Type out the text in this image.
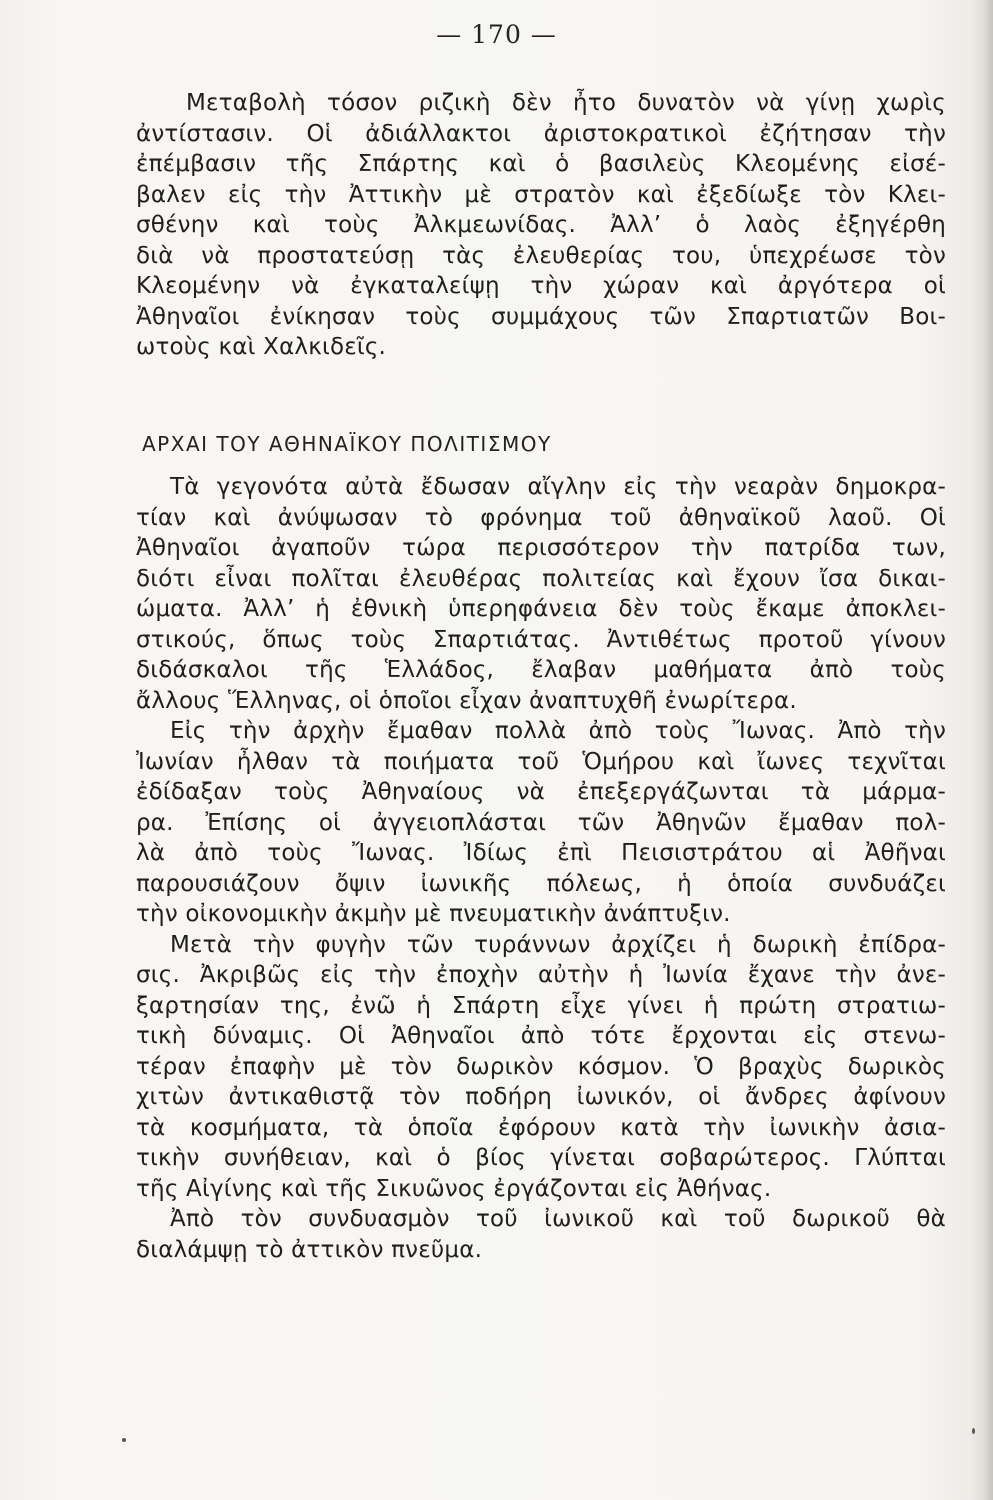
— 170 —
Μεταβολὴ τόσον ριζικὴ δὲν ἦτο δυνατὸν νὰ γίνῃ χωρὶς
ἀντίστασιν. Οἱ ἀδιάλλακτοι ἀριστοκρατικοὶ ἐζήτησαν τὴν
ἐπέμβασιν τῆς Σπάρτης καὶ ὁ βασιλεὺς Κλεομένης εἰσέ-
βαλεν εἰς τὴν Ἀττικὴν μὲ στρατὸν καὶ ἐξεδίωξε τὸν Κλει-
σθένην καὶ τοὺς Ἀλκμεωνίδας. Ἀλλ’ ὁ λαὸς ἐξηγέρθη
διὰ νὰ προστατεύσῃ τὰς ἐλευθερίας του, ὑπεχρέωσε τὸν
Κλεομένην νὰ ἐγκαταλείψῃ τὴν χώραν καὶ ἀργότερα οἱ
Ἀθηναῖοι ἐνίκησαν τοὺς συμμάχους τῶν Σπαρτιατῶν Βοι-
ωτοὺς καὶ Χαλκιδεῖς.
ΑΡΧΑΙ ΤΟΥ ΑΘΗΝΑΪΚΟΥ ΠΟΛΙΤΙΣΜΟΥ
Τὰ γεγονότα αὐτὰ ἔδωσαν αἴγλην εἰς τὴν νεαρὰν δημοκρα-
τίαν καὶ ἀνύψωσαν τὸ φρόνημα τοῦ ἀθηναϊκοῦ λαοῦ. Οἱ
Ἀθηναῖοι ἀγαποῦν τώρα περισσότερον τὴν πατρίδα των,
διότι εἶναι πολῖται ἐλευθέρας πολιτείας καὶ ἔχουν ἴσα δικαι-
ώματα. Ἀλλ’ ἡ ἐθνικὴ ὑπερηφάνεια δὲν τοὺς ἔκαμε ἀποκλει-
στικούς, ὅπως τοὺς Σπαρτιάτας. Ἀντιθέτως προτοῦ γίνουν
διδάσκαλοι τῆς Ἑλλάδος, ἔλαβαν μαθήματα ἀπὸ τοὺς
ἄλλους Ἕλληνας, οἱ ὁποῖοι εἶχαν ἀναπτυχθῆ ἐνωρίτερα.
Εἰς τὴν ἀρχὴν ἔμαθαν πολλὰ ἀπὸ τοὺς Ἴωνας. Ἀπὸ τὴν
Ἰωνίαν ἦλθαν τὰ ποιήματα τοῦ Ὁμήρου καὶ ἴωνες τεχνῖται
ἐδίδαξαν τοὺς Ἀθηναίους νὰ ἐπεξεργάζωνται τὰ μάρμα-
ρα. Ἐπίσης οἱ ἀγγειοπλάσται τῶν Ἀθηνῶν ἔμαθαν πολ-
λὰ ἀπὸ τοὺς Ἴωνας. Ἰδίως ἐπὶ Πεισιστράτου αἱ Ἀθῆναι
παρουσιάζουν ὄψιν ἰωνικῆς πόλεως, ἡ ὁποία συνδυάζει
τὴν οἰκονομικὴν ἀκμὴν μὲ πνευματικὴν ἀνάπτυξιν.
Μετὰ τὴν φυγὴν τῶν τυράννων ἀρχίζει ἡ δωρικὴ ἐπίδρα-
σις. Ἀκριβῶς εἰς τὴν ἐποχὴν αὐτὴν ἡ Ἰωνία ἔχανε τὴν ἀνε-
ξαρτησίαν της, ἐνῶ ἡ Σπάρτη εἶχε γίνει ἡ πρώτη στρατιω-
τικὴ δύναμις. Οἱ Ἀθηναῖοι ἀπὸ τότε ἔρχονται εἰς στενω-
τέραν ἐπαφὴν μὲ τὸν δωρικὸν κόσμον. Ὁ βραχὺς δωρικὸς
χιτὼν ἀντικαθιστᾷ τὸν ποδήρη ἰωνικόν, οἱ ἄνδρες ἀφίνουν
τὰ κοσμήματα, τὰ ὁποῖα ἐφόρουν κατὰ τὴν ἰωνικὴν ἀσια-
τικὴν συνήθειαν, καὶ ὁ βίος γίνεται σοβαρώτερος. Γλύπται
τῆς Αἰγίνης καὶ τῆς Σικυῶνος ἐργάζονται εἰς Ἀθήνας.
Ἀπὸ τὸν συνδυασμὸν τοῦ ἰωνικοῦ καὶ τοῦ δωρικοῦ θὰ
διαλάμψῃ τὸ ἀττικὸν πνεῦμα.
